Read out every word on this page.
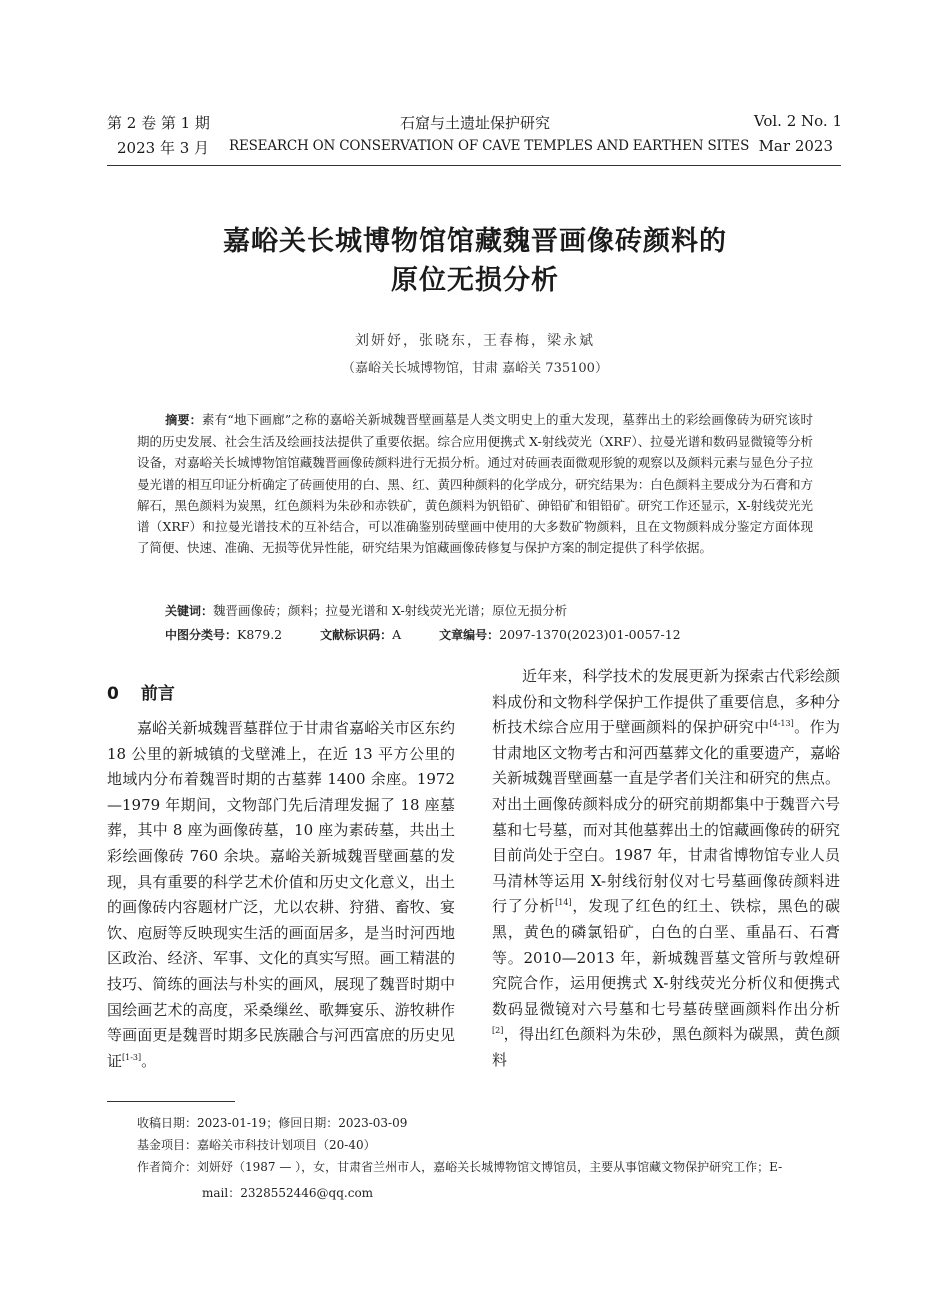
第 2 卷 第 1 期
2023 年 3 月
石窟与土遗址保护研究
RESEARCH ON CONSERVATION OF CAVE TEMPLES AND EARTHEN SITES
Vol. 2 No. 1
Mar 2023
嘉峪关长城博物馆馆藏魏晋画像砖颜料的
原位无损分析
刘妍妤，张晓东，王春梅，梁永斌
（嘉峪关长城博物馆，甘肃 嘉峪关 735100）
摘要：素有“地下画廊”之称的嘉峪关新城魏晋壁画墓是人类文明史上的重大发现，墓葬出土的彩绘画像砖为研究该时期的历史发展、社会生活及绘画技法提供了重要依据。综合应用便携式 X-射线荧光（XRF）、拉曼光谱和数码显微镜等分析设备，对嘉峪关长城博物馆馆藏魏晋画像砖颜料进行无损分析。通过对砖画表面微观形貌的观察以及颜料元素与显色分子拉曼光谱的相互印证分析确定了砖画使用的白、黑、红、黄四种颜料的化学成分，研究结果为：白色颜料主要成分为石膏和方解石，黑色颜料为炭黑，红色颜料为朱砂和赤铁矿，黄色颜料为钒铅矿、砷铅矿和钼铅矿。研究工作还显示，X-射线荧光光谱（XRF）和拉曼光谱技术的互补结合，可以准确鉴别砖壁画中使用的大多数矿物颜料，且在文物颜料成分鉴定方面体现了简便、快速、准确、无损等优异性能，研究结果为馆藏画像砖修复与保护方案的制定提供了科学依据。
关键词：魏晋画像砖；颜料；拉曼光谱和 X-射线荧光光谱；原位无损分析
中图分类号：K879.2	文献标识码：A	文章编号：2097-1370(2023)01-0057-12
0 前言

嘉峪关新城魏晋墓群位于甘肃省嘉峪关市区东约 18 公里的新城镇的戈壁滩上，在近 13 平方公里的地域内分布着魏晋时期的古墓葬 1400 余座。1972—1979 年期间，文物部门先后清理发掘了 18 座墓葬，其中 8 座为画像砖墓，10 座为素砖墓，共出土彩绘画像砖 760 余块。嘉峪关新城魏晋壁画墓的发现，具有重要的科学艺术价值和历史文化意义，出土的画像砖内容题材广泛，尤以农耕、狩猎、畜牧、宴饮、庖厨等反映现实生活的画面居多，是当时河西地区政治、经济、军事、文化的真实写照。画工精湛的技巧、简练的画法与朴实的画风，展现了魏晋时期中国绘画艺术的高度，采桑缫丝、歌舞宴乐、游牧耕作等画面更是魏晋时期多民族融合与河西富庶的历史见证[1-3]。

近年来，科学技术的发展更新为探索古代彩绘颜料成份和文物科学保护工作提供了重要信息，多种分析技术综合应用于壁画颜料的保护研究中[4-13]。作为甘肃地区文物考古和河西墓葬文化的重要遗产，嘉峪关新城魏晋壁画墓一直是学者们关注和研究的焦点。对出土画像砖颜料成分的研究前期都集中于魏晋六号墓和七号墓，而对其他墓葬出土的馆藏画像砖的研究目前尚处于空白。1987 年，甘肃省博物馆专业人员马清林等运用 X-射线衍射仪对七号墓画像砖颜料进行了分析[14]，发现了红色的红土、铁棕，黑色的碳黑，黄色的磷氯铅矿，白色的白垩、重晶石、石膏等。2010—2013 年，新城魏晋墓文管所与敦煌研究院合作，运用便携式 X-射线荧光分析仪和便携式数码显微镜对六号墓和七号墓砖壁画颜料作出分析[2]，得出红色颜料为朱砂，黑色颜料为碳黑，黄色颜料

收稿日期：2023-01-19；修回日期：2023-03-09
基金项目：嘉峪关市科技计划项目（20-40）
作者简介：刘妍妤（1987 — ），女，甘肃省兰州市人，嘉峪关长城博物馆文博馆员，主要从事馆藏文物保护研究工作；E-
mail：2328552446@qq.com
